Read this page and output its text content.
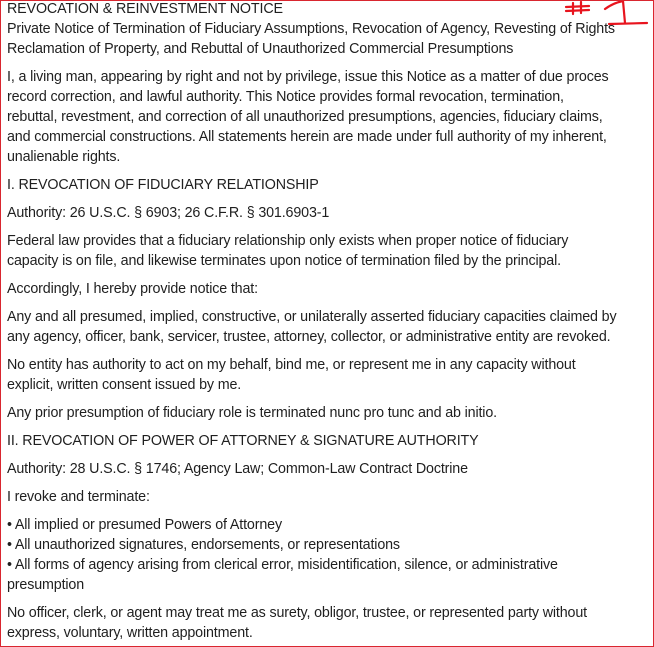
REVOCATION & REINVESTMENT NOTICE
Private Notice of Termination of Fiduciary Assumptions, Revocation of Agency, Revesting of Rights
Reclamation of Property, and Rebuttal of Unauthorized Commercial Presumptions
I, a living man, appearing by right and not by privilege, issue this Notice as a matter of due proces
record correction, and lawful authority. This Notice provides formal revocation, termination,
rebuttal, revestment, and correction of all unauthorized presumptions, agencies, fiduciary claims,
and commercial constructions. All statements herein are made under full authority of my inherent,
unalienable rights.
I. REVOCATION OF FIDUCIARY RELATIONSHIP
Authority: 26 U.S.C. § 6903; 26 C.F.R. § 301.6903-1
Federal law provides that a fiduciary relationship only exists when proper notice of fiduciary
capacity is on file, and likewise terminates upon notice of termination filed by the principal.
Accordingly, I hereby provide notice that:
Any and all presumed, implied, constructive, or unilaterally asserted fiduciary capacities claimed by
any agency, officer, bank, servicer, trustee, attorney, collector, or administrative entity are revoked.
No entity has authority to act on my behalf, bind me, or represent me in any capacity without
explicit, written consent issued by me.
Any prior presumption of fiduciary role is terminated nunc pro tunc and ab initio.
II. REVOCATION OF POWER OF ATTORNEY & SIGNATURE AUTHORITY
Authority: 28 U.S.C. § 1746; Agency Law; Common-Law Contract Doctrine
I revoke and terminate:
• All implied or presumed Powers of Attorney
• All unauthorized signatures, endorsements, or representations
• All forms of agency arising from clerical error, misidentification, silence, or administrative
presumption
No officer, clerk, or agent may treat me as surety, obligor, trustee, or represented party without
express, voluntary, written appointment.
